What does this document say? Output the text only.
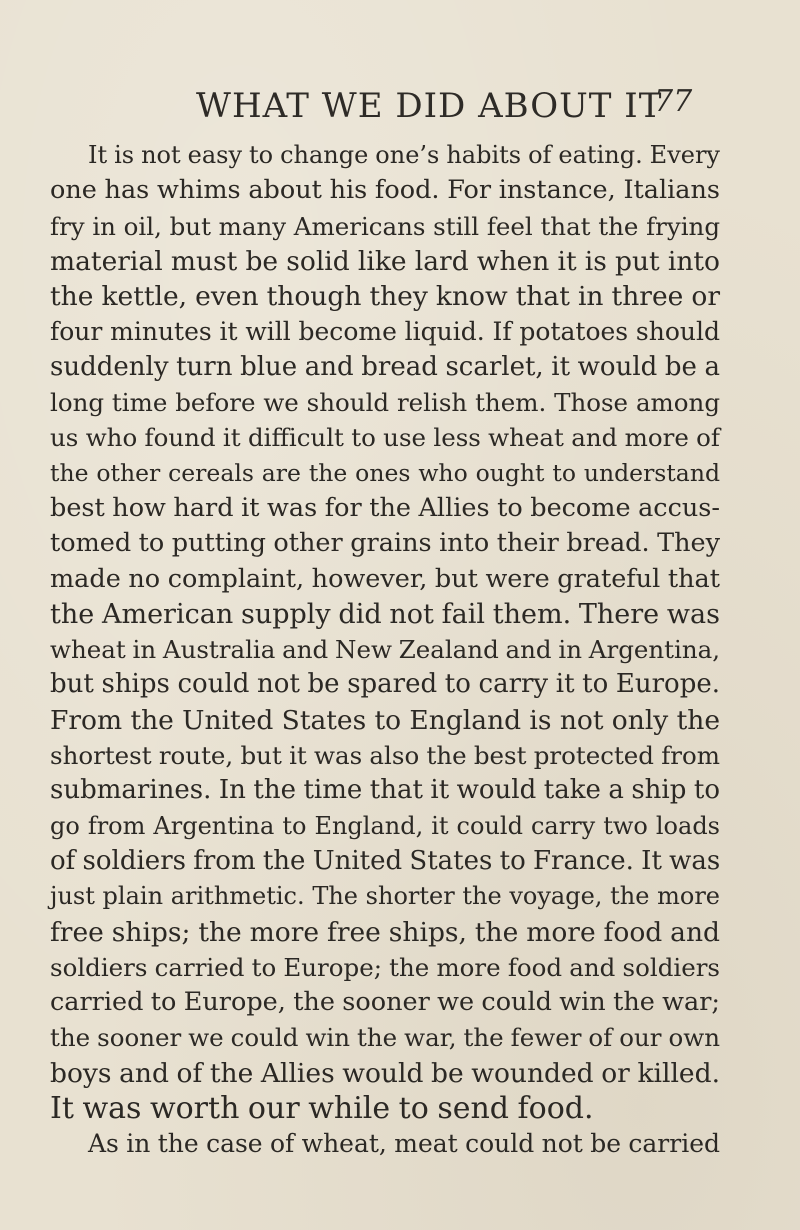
WHAT WE DID ABOUT IT
77
It is not easy to change one’s habits of eating. Every
one has whims about his food. For instance, Italians
fry in oil, but many Americans still feel that the frying
material must be solid like lard when it is put into
the kettle, even though they know that in three or
four minutes it will become liquid. If potatoes should
suddenly turn blue and bread scarlet, it would be a
long time before we should relish them. Those among
us who found it difficult to use less wheat and more of
the other cereals are the ones who ought to understand
best how hard it was for the Allies to become accus-
tomed to putting other grains into their bread. They
made no complaint, however, but were grateful that
the American supply did not fail them. There was
wheat in Australia and New Zealand and in Argentina,
but ships could not be spared to carry it to Europe.
From the United States to England is not only the
shortest route, but it was also the best protected from
submarines. In the time that it would take a ship to
go from Argentina to England, it could carry two loads
of soldiers from the United States to France. It was
just plain arithmetic. The shorter the voyage, the more
free ships; the more free ships, the more food and
soldiers carried to Europe; the more food and soldiers
carried to Europe, the sooner we could win the war;
the sooner we could win the war, the fewer of our own
boys and of the Allies would be wounded or killed.
It was worth our while to send food.
As in the case of wheat, meat could not be carried
